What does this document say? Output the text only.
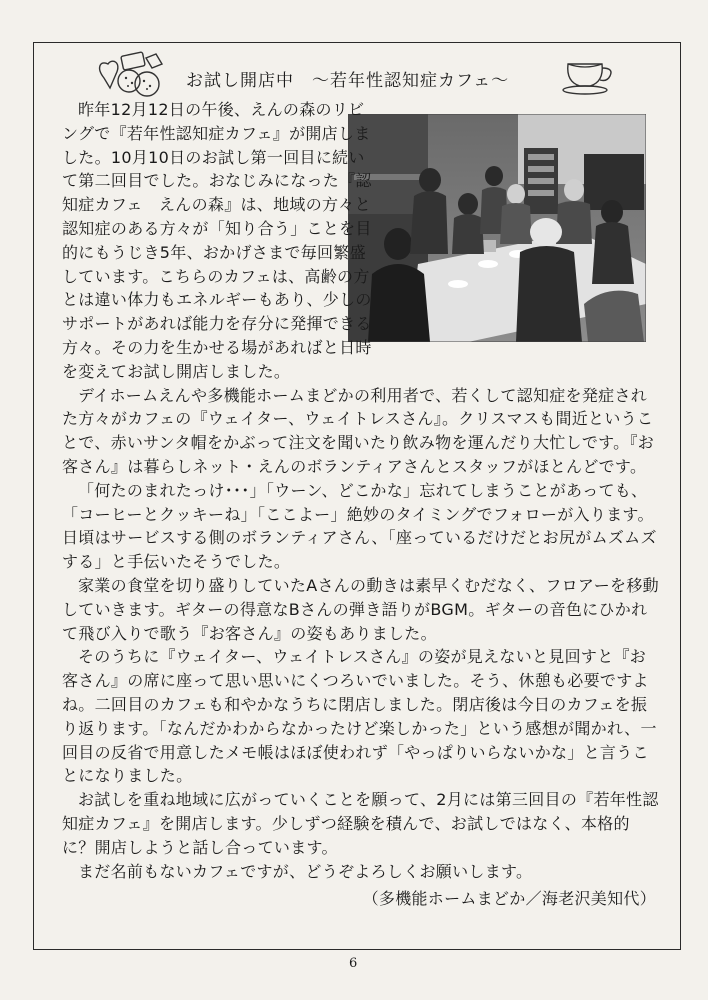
お試し開店中　～若年性認知症カフェ～

昨年12月12日の午後、えんの森のリビングで『若年性認知症カフェ』が開店しました。10月10日のお試し第一回目に続いて第二回目でした。おなじみになった『認知症カフェ　えんの森』は、地域の方々と認知症のある方々が「知り合う」ことを目的にもうじき5年、おかげさまで毎回繁盛しています。こちらのカフェは、高齢の方とは違い体力もエネルギーもあり、少しのサポートがあれば能力を存分に発揮できる方々。その力を生かせる場があればと日時を変えてお試し開店しました。

デイホームえんや多機能ホームまどかの利用者で、若くして認知症を発症された方々がカフェの『ウェイター、ウェイトレスさん』。クリスマスも間近ということで、赤いサンタ帽をかぶって注文を聞いたり飲み物を運んだり大忙しです。『お客さん』は暮らしネット・えんのボランティアさんとスタッフがほとんどです。

「何たのまれたっけ･･･」「ウーン、どこかな」忘れてしまうことがあっても、「コーヒーとクッキーね」「ここよー」絶妙のタイミングでフォローが入ります。日頃はサービスする側のボランティアさん、「座っているだけだとお尻がムズムズする」と手伝いたそうでした。

家業の食堂を切り盛りしていたAさんの動きは素早くむだなく、フロアーを移動していきます。ギターの得意なBさんの弾き語りがBGM。ギターの音色にひかれて飛び入りで歌う『お客さん』の姿もありました。

そのうちに『ウェイター、ウェイトレスさん』の姿が見えないと見回すと『お客さん』の席に座って思い思いにくつろいでいました。そう、休憩も必要ですよね。二回目のカフェも和やかなうちに閉店しました。閉店後は今日のカフェを振り返ります。「なんだかわからなかったけど楽しかった」という感想が聞かれ、一回目の反省で用意したメモ帳はほぼ使われず「やっぱりいらないかな」と言うことになりました。

お試しを重ね地域に広がっていくことを願って、2月には第三回目の『若年性認知症カフェ』を開店します。少しずつ経験を積んで、お試しではなく、本格的に？開店しようと話し合っています。

まだ名前もないカフェですが、どうぞよろしくお願いします。

（多機能ホームまどか／海老沢美知代）

6
